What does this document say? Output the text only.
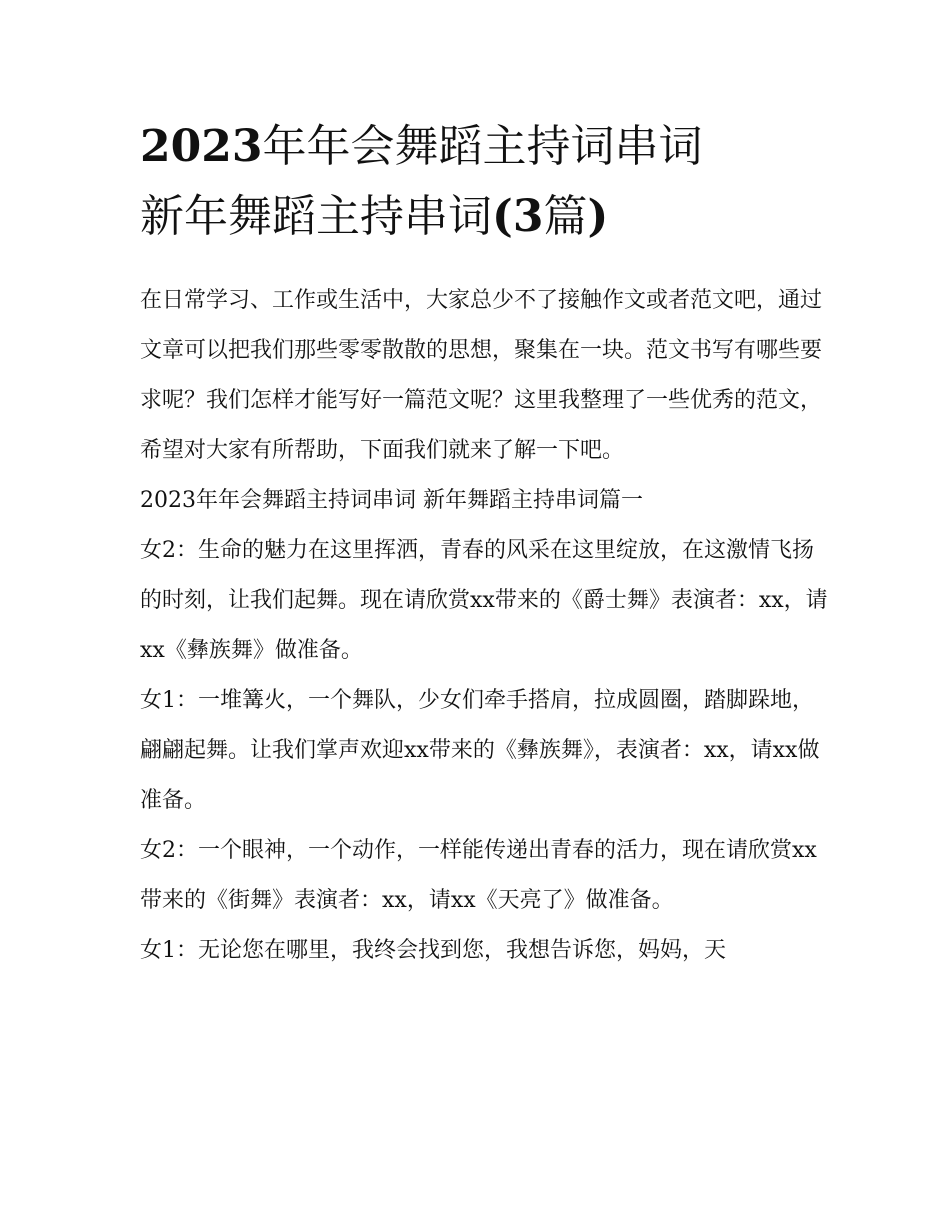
2023年年会舞蹈主持词串词
新年舞蹈主持串词(3篇)

在日常学习、工作或生活中，大家总少不了接触作文或者范文吧，通过文章可以把我们那些零零散散的思想，聚集在一块。范文书写有哪些要求呢？我们怎样才能写好一篇范文呢？这里我整理了一些优秀的范文，希望对大家有所帮助，下面我们就来了解一下吧。

2023年年会舞蹈主持词串词 新年舞蹈主持串词篇一

女2：生命的魅力在这里挥洒，青春的风采在这里绽放，在这激情飞扬的时刻，让我们起舞。现在请欣赏xx带来的《爵士舞》表演者：xx，请xx《彝族舞》做准备。

女1：一堆篝火，一个舞队，少女们牵手搭肩，拉成圆圈，踏脚跺地，翩翩起舞。让我们掌声欢迎xx带来的《彝族舞》，表演者：xx，请xx做准备。

女2：一个眼神，一个动作，一样能传递出青春的活力，现在请欣赏xx带来的《街舞》表演者：xx，请xx《天亮了》做准备。

女1：无论您在哪里，我终会找到您，我想告诉您，妈妈，天
